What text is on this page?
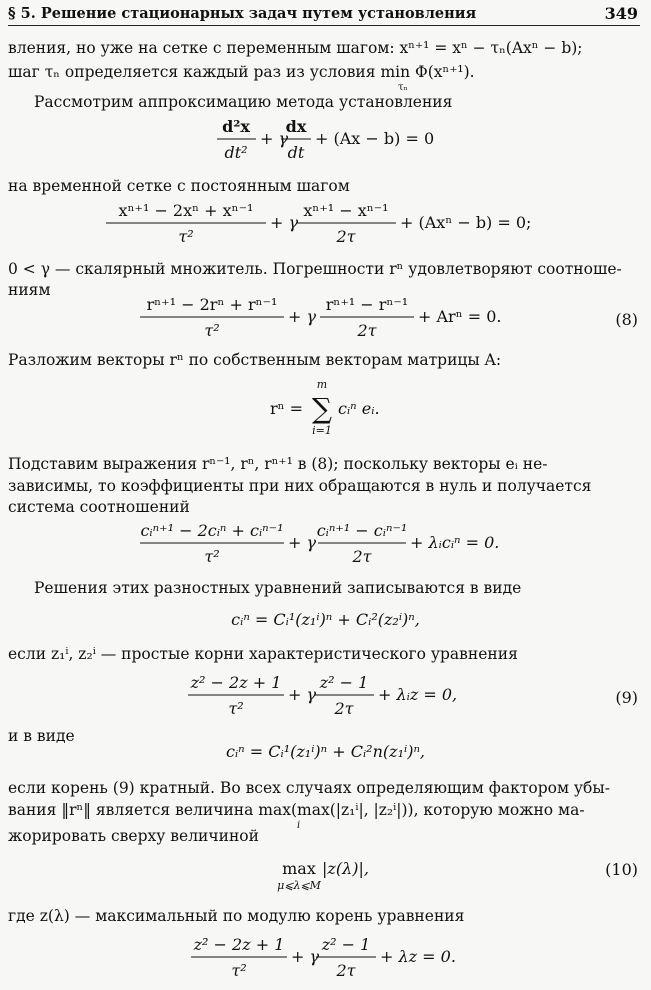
§ 5. Решение стационарных задач путем установления	349
вления, но уже на сетке с переменным шагом: xⁿ⁺¹ = xⁿ − τₙ(Axⁿ − b);
шаг τₙ определяется каждый раз из условия min Φ(xⁿ⁺¹).
τₙ
Рассмотрим аппроксимацию метода установления
d²x
dt²
+ γ
dx
dt
+ (Ax − b) = 0
на временной сетке с постоянным шагом
xⁿ⁺¹ − 2xⁿ + xⁿ⁻¹
τ²
+ γ
xⁿ⁺¹ − xⁿ⁻¹
2τ
+ (Axⁿ − b) = 0;
0 < γ — скалярный множитель. Погрешности rⁿ удовлетворяют соотноше-
ниям
rⁿ⁺¹ − 2rⁿ + rⁿ⁻¹
τ²
+ γ
rⁿ⁺¹ − rⁿ⁻¹
2τ
+ Arⁿ = 0.	(8)
Разложим векторы rⁿ по собственным векторам матрицы A:
rⁿ =
m
∑
i=1
cᵢⁿ eᵢ.
Подставим выражения rⁿ⁻¹, rⁿ, rⁿ⁺¹ в (8); поскольку векторы eᵢ не-
зависимы, то коэффициенты при них обращаются в нуль и получается
система соотношений
cᵢⁿ⁺¹ − 2cᵢⁿ + cᵢⁿ⁻¹
τ²
+ γ
cᵢⁿ⁺¹ − cᵢⁿ⁻¹
2τ
+ λᵢcᵢⁿ = 0.
Решения этих разностных уравнений записываются в виде
cᵢⁿ = Cᵢ¹(z₁ⁱ)ⁿ + Cᵢ²(z₂ⁱ)ⁿ,
если z₁ⁱ, z₂ⁱ — простые корни характеристического уравнения
z² − 2z + 1
τ²
+ γ
z² − 1
2τ
+ λᵢz = 0,	(9)
и в виде
cᵢⁿ = Cᵢ¹(z₁ⁱ)ⁿ + Cᵢ²n(z₁ⁱ)ⁿ,
если корень (9) кратный. Во всех случаях определяющим фактором убы-
вания ‖rⁿ‖ является величина max(max(|z₁ⁱ|, |z₂ⁱ|)), которую можно ма-
i
жорировать сверху величиной
max
μ⩽λ⩽M
|z(λ)|,	(10)
где z(λ) — максимальный по модулю корень уравнения
z² − 2z + 1
τ²
+ γ
z² − 1
2τ
+ λz = 0.
